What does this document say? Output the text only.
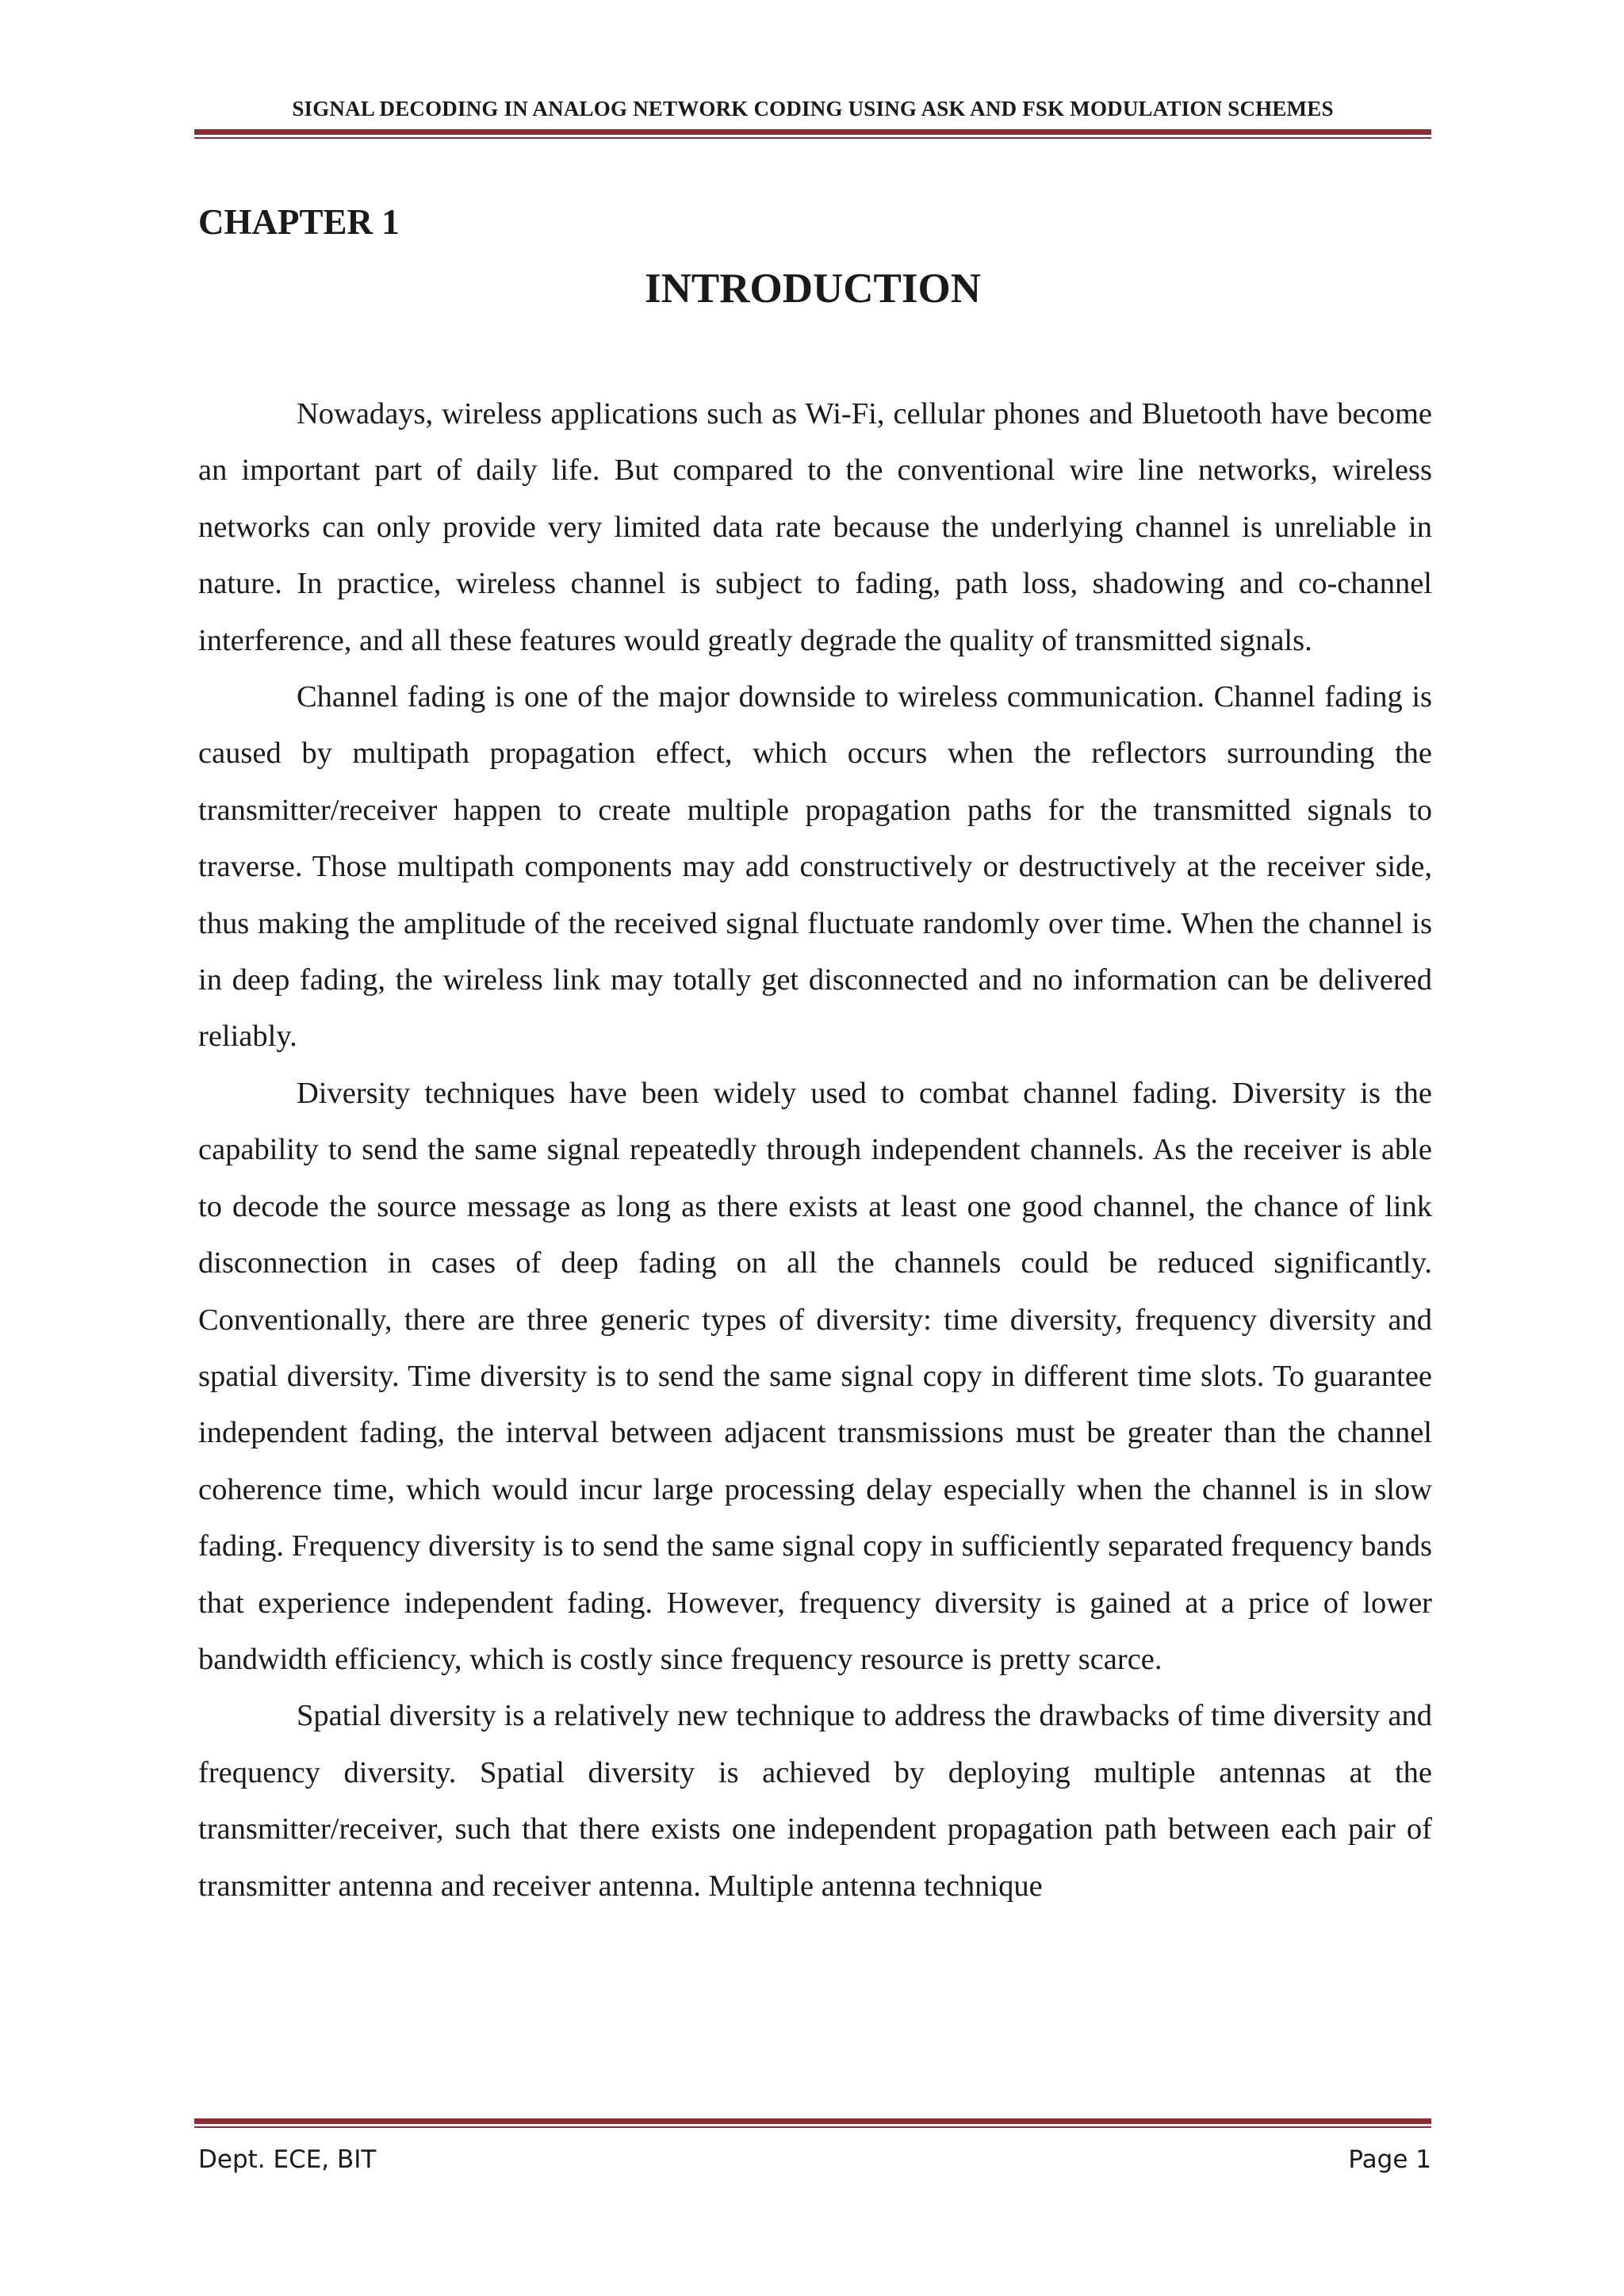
SIGNAL DECODING IN ANALOG NETWORK CODING USING ASK AND FSK MODULATION SCHEMES
CHAPTER 1
INTRODUCTION

Nowadays, wireless applications such as Wi-Fi, cellular phones and Bluetooth have become an important part of daily life. But compared to the conventional wire line networks, wireless networks can only provide very limited data rate because the underlying channel is unreliable in nature. In practice, wireless channel is subject to fading, path loss, shadowing and co-channel interference, and all these features would greatly degrade the quality of transmitted signals.

Channel fading is one of the major downside to wireless communication. Channel fading is caused by multipath propagation effect, which occurs when the reflectors surrounding the transmitter/receiver happen to create multiple propagation paths for the transmitted signals to traverse. Those multipath components may add constructively or destructively at the receiver side, thus making the amplitude of the received signal fluctuate randomly over time. When the channel is in deep fading, the wireless link may totally get disconnected and no information can be delivered reliably.

Diversity techniques have been widely used to combat channel fading. Diversity is the capability to send the same signal repeatedly through independent channels. As the receiver is able to decode the source message as long as there exists at least one good channel, the chance of link disconnection in cases of deep fading on all the channels could be reduced significantly. Conventionally, there are three generic types of diversity: time diversity, frequency diversity and spatial diversity. Time diversity is to send the same signal copy in different time slots. To guarantee independent fading, the interval between adjacent transmissions must be greater than the channel coherence time, which would incur large processing delay especially when the channel is in slow fading. Frequency diversity is to send the same signal copy in sufficiently separated frequency bands that experience independent fading. However, frequency diversity is gained at a price of lower bandwidth efficiency, which is costly since frequency resource is pretty scarce.

Spatial diversity is a relatively new technique to address the drawbacks of time diversity and frequency diversity. Spatial diversity is achieved by deploying multiple antennas at the transmitter/receiver, such that there exists one independent propagation path between each pair of transmitter antenna and receiver antenna. Multiple antenna technique

Dept. ECE, BIT	Page 1
